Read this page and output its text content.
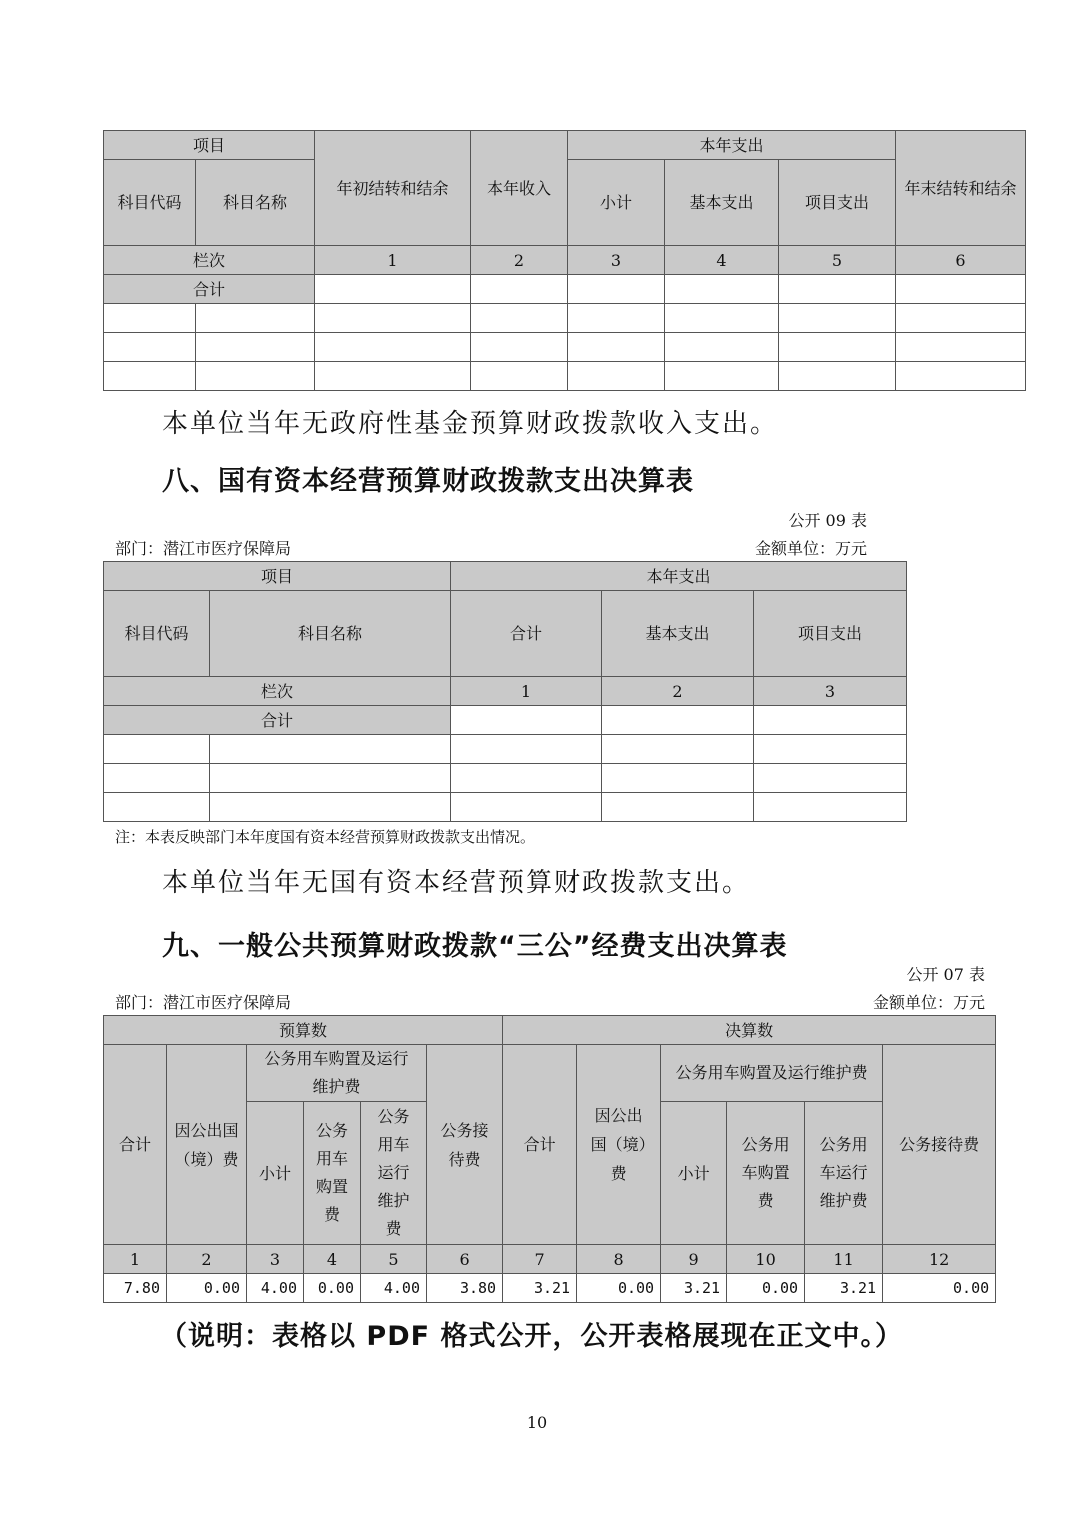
项目		年初结转和结余	本年收入	本年支出			年末结转和结余
科目代码	科目名称			小计	基本支出	项目支出	
栏次		1	2	3	4	5	6
合计							

本单位当年无政府性基金预算财政拨款收入支出。
八、国有资本经营预算财政拨款支出决算表
公开 09 表
部门：潜江市医疗保障局	金额单位：万元
项目		本年支出		
科目代码	科目名称	合计	基本支出	项目支出
栏次		1	2	3
合计				

注：本表反映部门本年度国有资本经营预算财政拨款支出情况。
本单位当年无国有资本经营预算财政拨款支出。
九、一般公共预算财政拨款“三公”经费支出决算表
公开 07 表
部门：潜江市医疗保障局	金额单位：万元
预算数						决算数					
合计	因公出国（境）费	公务用车购置及运行维护费			公务接待费	合计	因公出国（境）费	公务用车购置及运行维护费			公务接待费
		小计	公务用车购置费	公务用车运行维护费				小计	公务用车购置费	公务用车运行维护费	
1	2	3	4	5	6	7	8	9	10	11	12
7.80	0.00	4.00	0.00	4.00	3.80	3.21	0.00	3.21	0.00	3.21	0.00
（说明：表格以 PDF 格式公开，公开表格展现在正文中。）
10
